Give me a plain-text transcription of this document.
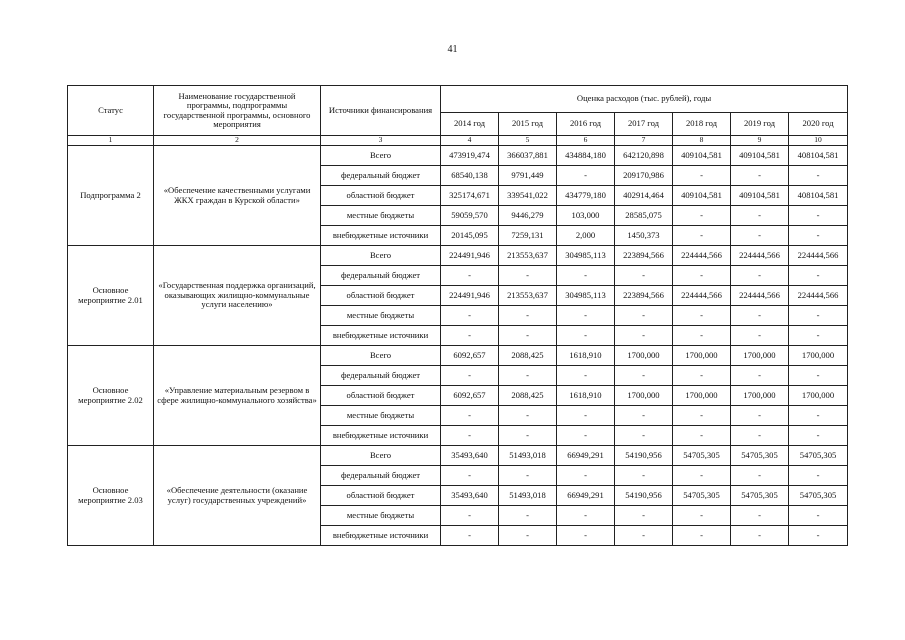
41
Статус	Наименование государственной программы, подпрограммы государственной программы, основного мероприятия	Источники финансирования	Оценка расходов (тыс. рублей), годы						
			2014 год	2015 год	2016 год	2017 год	2018 год	2019 год	2020 год
1	2	3	4	5	6	7	8	9	10
Подпрограмма 2	«Обеспечение качественными услугами ЖКХ граждан в Курской области»	Всего	473919,474	366037,881	434884,180	642120,898	409104,581	409104,581	408104,581
		федеральный бюджет	68540,138	9791,449	-	209170,986	-	-	-
		областной бюджет	325174,671	339541,022	434779,180	402914,464	409104,581	409104,581	408104,581
		местные бюджеты	59059,570	9446,279	103,000	28585,075	-	-	-
		внебюджетные источники	20145,095	7259,131	2,000	1450,373	-	-	-
Основное мероприятие 2.01	«Государственная поддержка организаций, оказывающих жилищно-коммунальные услуги населению»	Всего	224491,946	213553,637	304985,113	223894,566	224444,566	224444,566	224444,566
		федеральный бюджет	-	-	-	-	-	-	-
		областной бюджет	224491,946	213553,637	304985,113	223894,566	224444,566	224444,566	224444,566
		местные бюджеты	-	-	-	-	-	-	-
		внебюджетные источники	-	-	-	-	-	-	-
Основное мероприятие 2.02	«Управление материальным резервом в сфере жилищно-коммунального хозяйства»	Всего	6092,657	2088,425	1618,910	1700,000	1700,000	1700,000	1700,000
		федеральный бюджет	-	-	-	-	-	-	-
		областной бюджет	6092,657	2088,425	1618,910	1700,000	1700,000	1700,000	1700,000
		местные бюджеты	-	-	-	-	-	-	-
		внебюджетные источники	-	-	-	-	-	-	-
Основное мероприятие 2.03	«Обеспечение деятельности (оказание услуг) государственных учреждений»	Всего	35493,640	51493,018	66949,291	54190,956	54705,305	54705,305	54705,305
		федеральный бюджет	-	-	-	-	-	-	-
		областной бюджет	35493,640	51493,018	66949,291	54190,956	54705,305	54705,305	54705,305
		местные бюджеты	-	-	-	-	-	-	-
		внебюджетные источники	-	-	-	-	-	-	-
